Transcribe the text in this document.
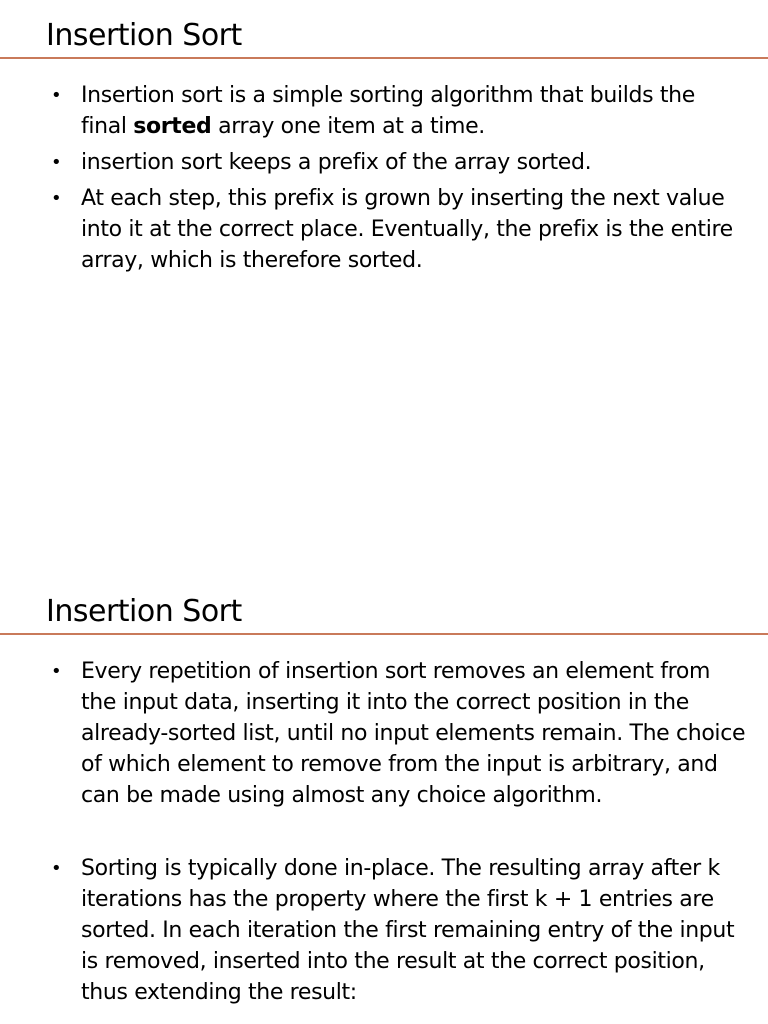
Insertion Sort
• Insertion sort is a simple sorting algorithm that builds the final sorted array one item at a time.
• insertion sort keeps a prefix of the array sorted.
• At each step, this prefix is grown by inserting the next value into it at the correct place. Eventually, the prefix is the entire array, which is therefore sorted.
Insertion Sort
• Every repetition of insertion sort removes an element from the input data, inserting it into the correct position in the already-sorted list, until no input elements remain. The choice of which element to remove from the input is arbitrary, and can be made using almost any choice algorithm.
• Sorting is typically done in-place. The resulting array after k iterations has the property where the first k + 1 entries are sorted. In each iteration the first remaining entry of the input is removed, inserted into the result at the correct position, thus extending the result:
